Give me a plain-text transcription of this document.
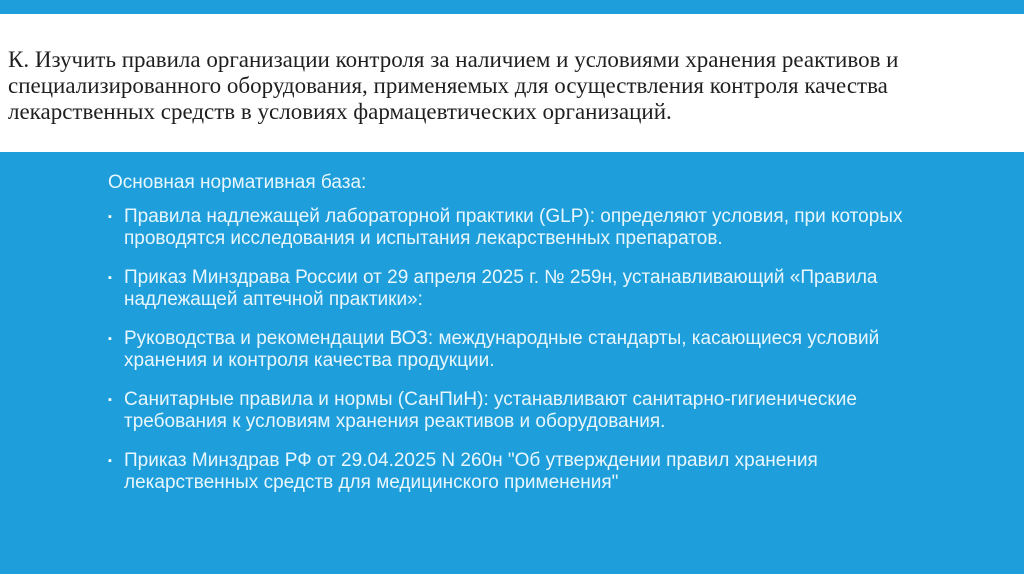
К. Изучить правила организации контроля за наличием и условиями хранения реактивов и специализированного оборудования, применяемых для осуществления контроля качества лекарственных средств в условиях фармацевтических организаций.

Основная нормативная база:

▪ Правила надлежащей лабораторной практики (GLP): определяют условия, при которых проводятся исследования и испытания лекарственных препаратов.
▪ Приказ Минздрава России от 29 апреля 2025 г. № 259н, устанавливающий «Правила надлежащей аптечной практики»:
▪ Руководства и рекомендации ВОЗ: международные стандарты, касающиеся условий хранения и контроля качества продукции.
▪ Санитарные правила и нормы (СанПиН): устанавливают санитарно-гигиенические требования к условиям хранения реактивов и оборудования.
▪ Приказ Минздрав РФ от 29.04.2025 N 260н "Об утверждении правил хранения лекарственных средств для медицинского применения"
